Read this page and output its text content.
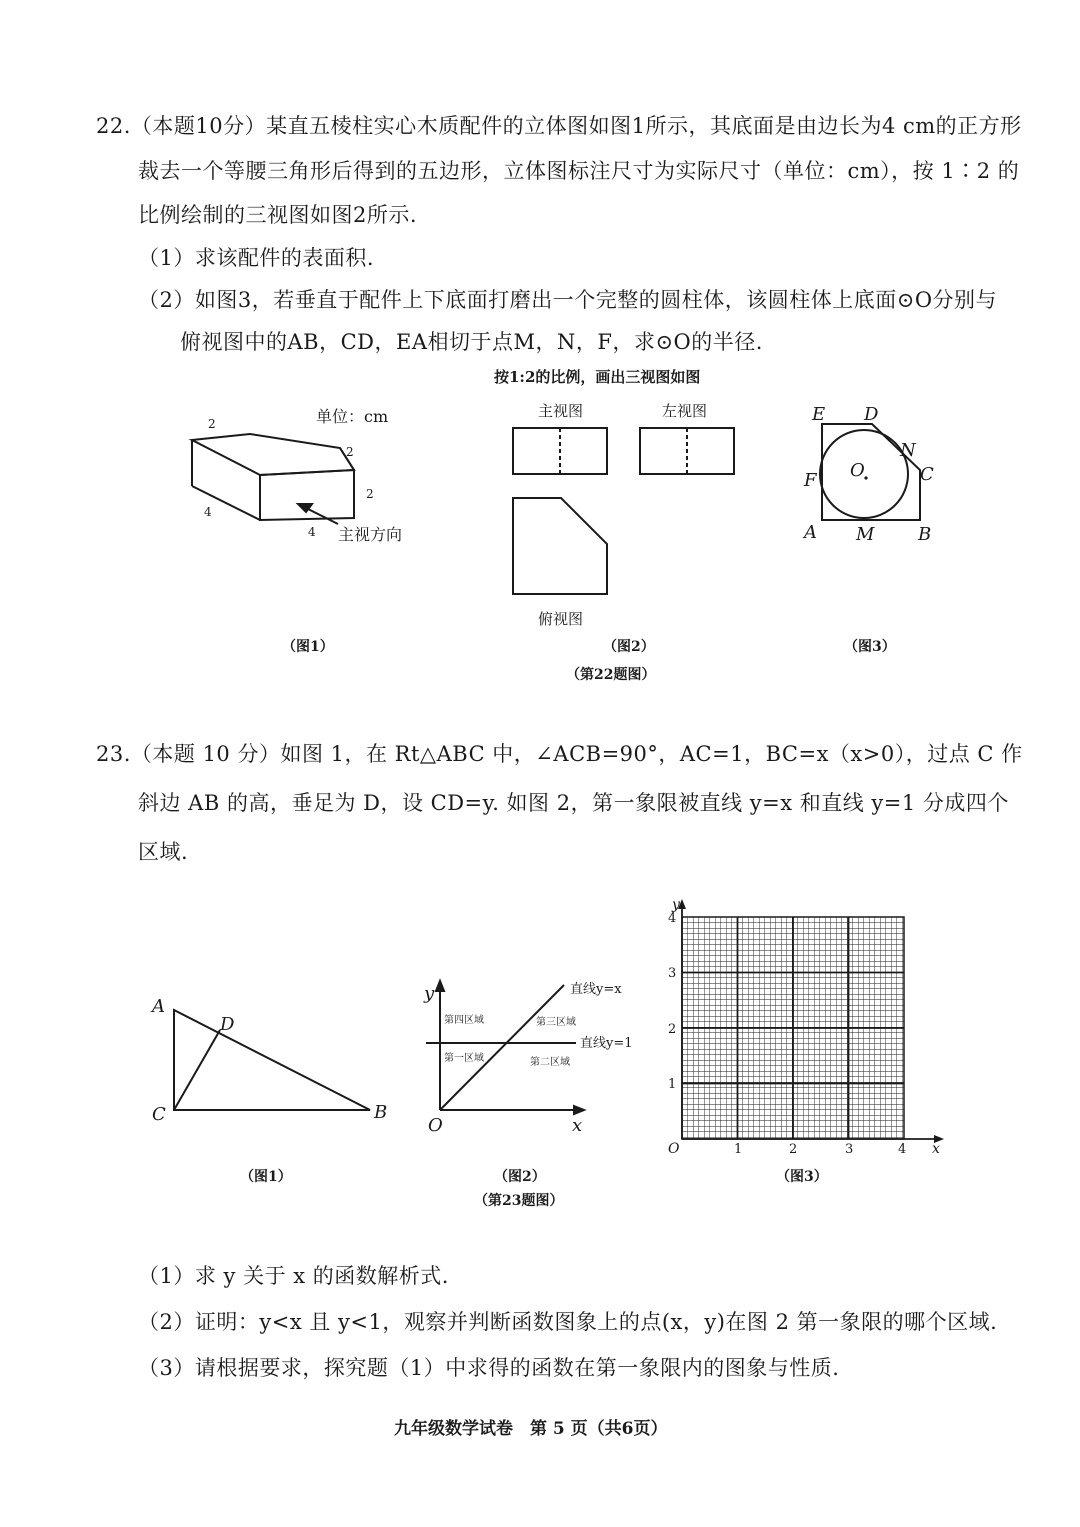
22.（本题10分）某直五棱柱实心木质配件的立体图如图1所示，其底面是由边长为4 cm的正方形
裁去一个等腰三角形后得到的五边形，立体图标注尺寸为实际尺寸（单位：cm），按 1∶2 的
比例绘制的三视图如图2所示.
（1）求该配件的表面积.
（2）如图3，若垂直于配件上下底面打磨出一个完整的圆柱体，该圆柱体上底面⊙O分别与
俯视图中的AB，CD，EA相切于点M，N，F，求⊙O的半径.
按1:2的比例，画出三视图如图
2
2
2
4
4
单位：cm
主视方向
（图1）
主视图	左视图
俯视图
（图2）
E D
N
C
F O
A M B
（图3）
（第22题图）
23.（本题 10 分）如图 1，在 Rt△ABC 中，∠ACB=90°，AC=1，BC=x（x>0），过点 C 作
斜边 AB 的高，垂足为 D，设 CD=y. 如图 2，第一象限被直线 y=x 和直线 y=1 分成四个
区域.
A
D
C	B
（图1）
y
x
O
直线y=x
直线y=1
第一区域	第二区域
第三区域
第四区域
（图2）
（第23题图）
y
x
O	1	2	3	4
1
2
3
4
（图3）
（1）求 y 关于 x 的函数解析式.
（2）证明：y<x 且 y<1，观察并判断函数图象上的点(x，y)在图 2 第一象限的哪个区域.
（3）请根据要求，探究题（1）中求得的函数在第一象限内的图象与性质.
九年级数学试卷　第 5 页（共6页）
